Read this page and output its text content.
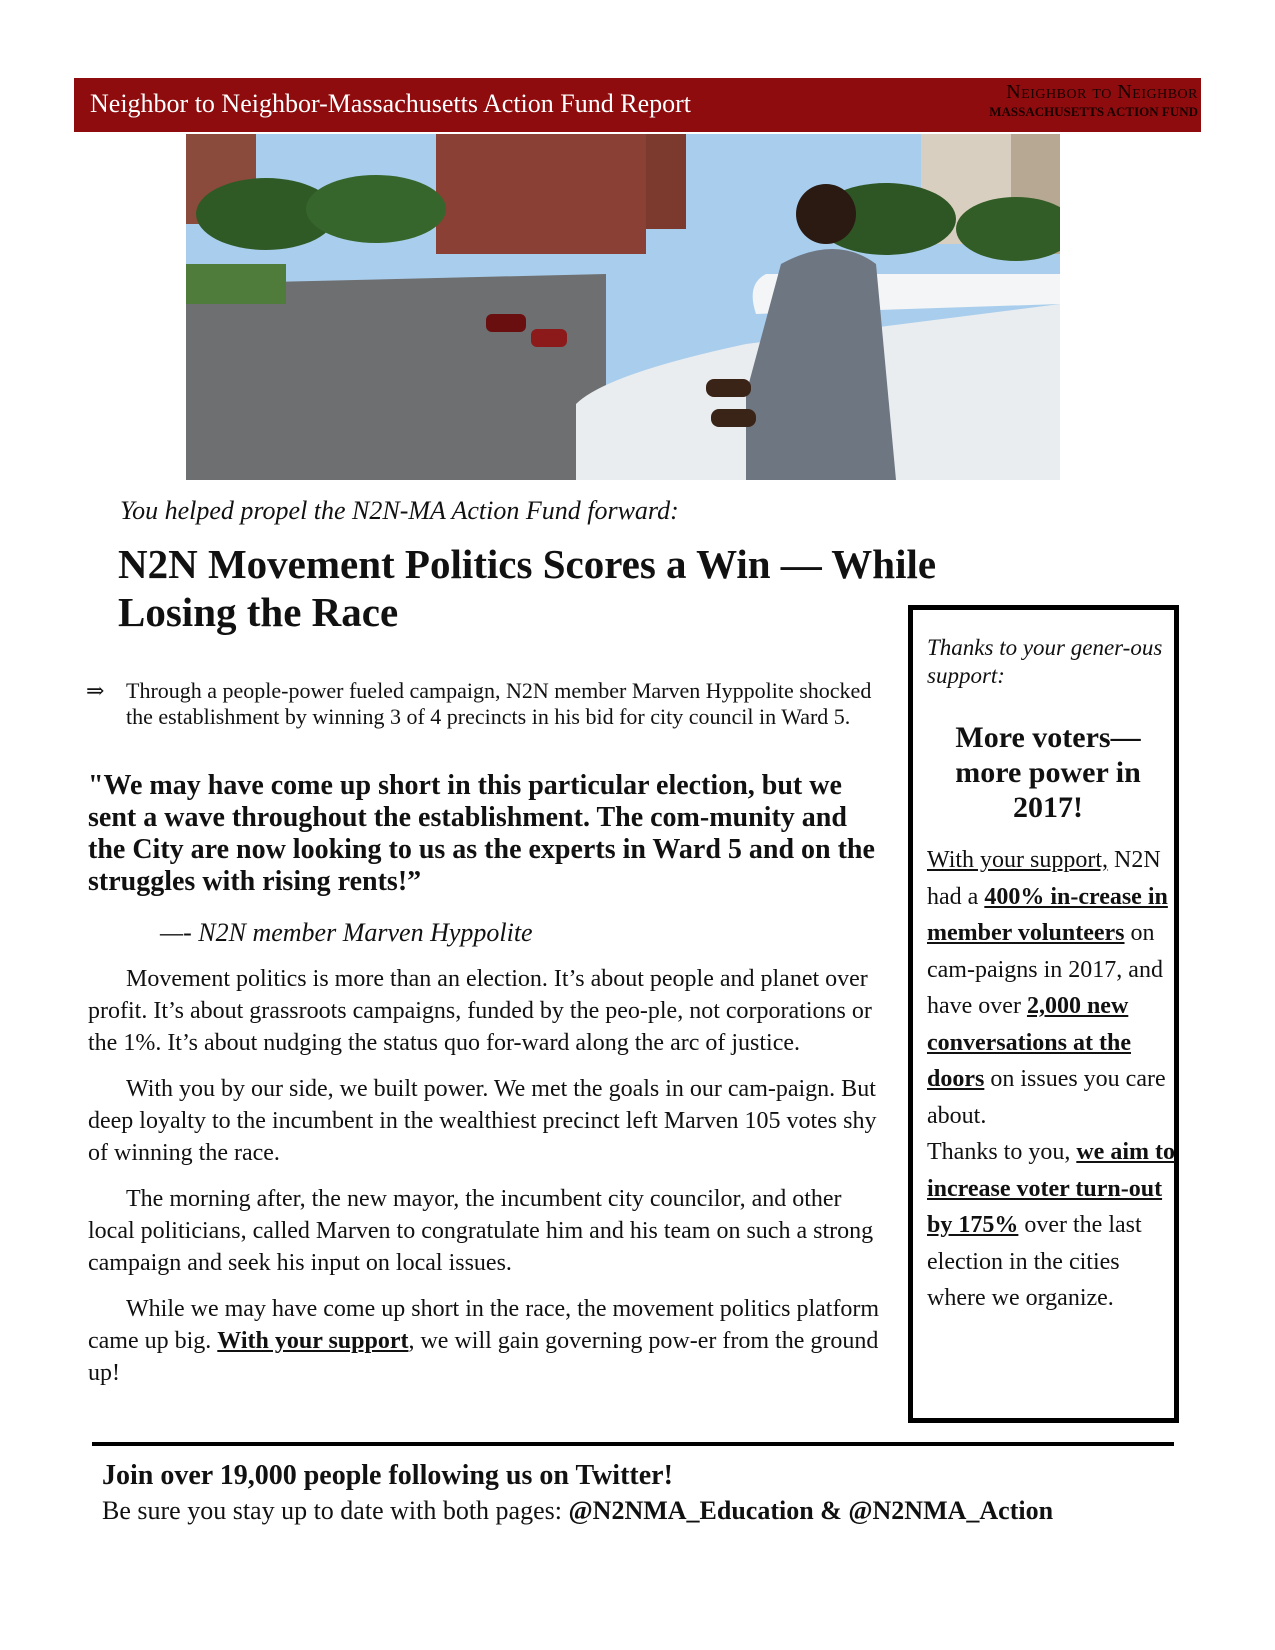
Neighbor to Neighbor-Massachusetts Action Fund Report	Neighbor to Neighbor
MASSACHUSETTS ACTION FUND
You helped propel the N2N-MA Action Fund forward:
N2N Movement Politics Scores a Win — While Losing the Race
⇒ Through a people-power fueled campaign, N2N member Marven Hyppolite shocked the establishment by winning 3 of 4 precincts in his bid for city council in Ward 5.
"We may have come up short in this particular election, but we sent a wave throughout the establishment. The com-munity and the City are now looking to us as the experts in Ward 5 and on the struggles with rising rents!”
—- N2N member Marven Hyppolite

Movement politics is more than an election. It’s about people and planet over profit. It’s about grassroots campaigns, funded by the peo-ple, not corporations or the 1%. It’s about nudging the status quo for-ward along the arc of justice.

With you by our side, we built power. We met the goals in our cam-paign. But deep loyalty to the incumbent in the wealthiest precinct left Marven 105 votes shy of winning the race.

The morning after, the new mayor, the incumbent city councilor, and other local politicians, called Marven to congratulate him and his team on such a strong campaign and seek his input on local issues.

While we may have come up short in the race, the movement politics platform came up big. With your support, we will gain governing pow-er from the ground up!

Thanks to your gener-ous support:
More voters—more power in 2017!
With your support, N2N had a 400% in-crease in member volunteers on cam-paigns in 2017, and have over 2,000 new conversations at the doors on issues you care about.
Thanks to you, we aim to increase voter turn-out by 175% over the last election in the cities where we organize.
Join over 19,000 people following us on Twitter!
Be sure you stay up to date with both pages: @N2NMA_Education & @N2NMA_Action
